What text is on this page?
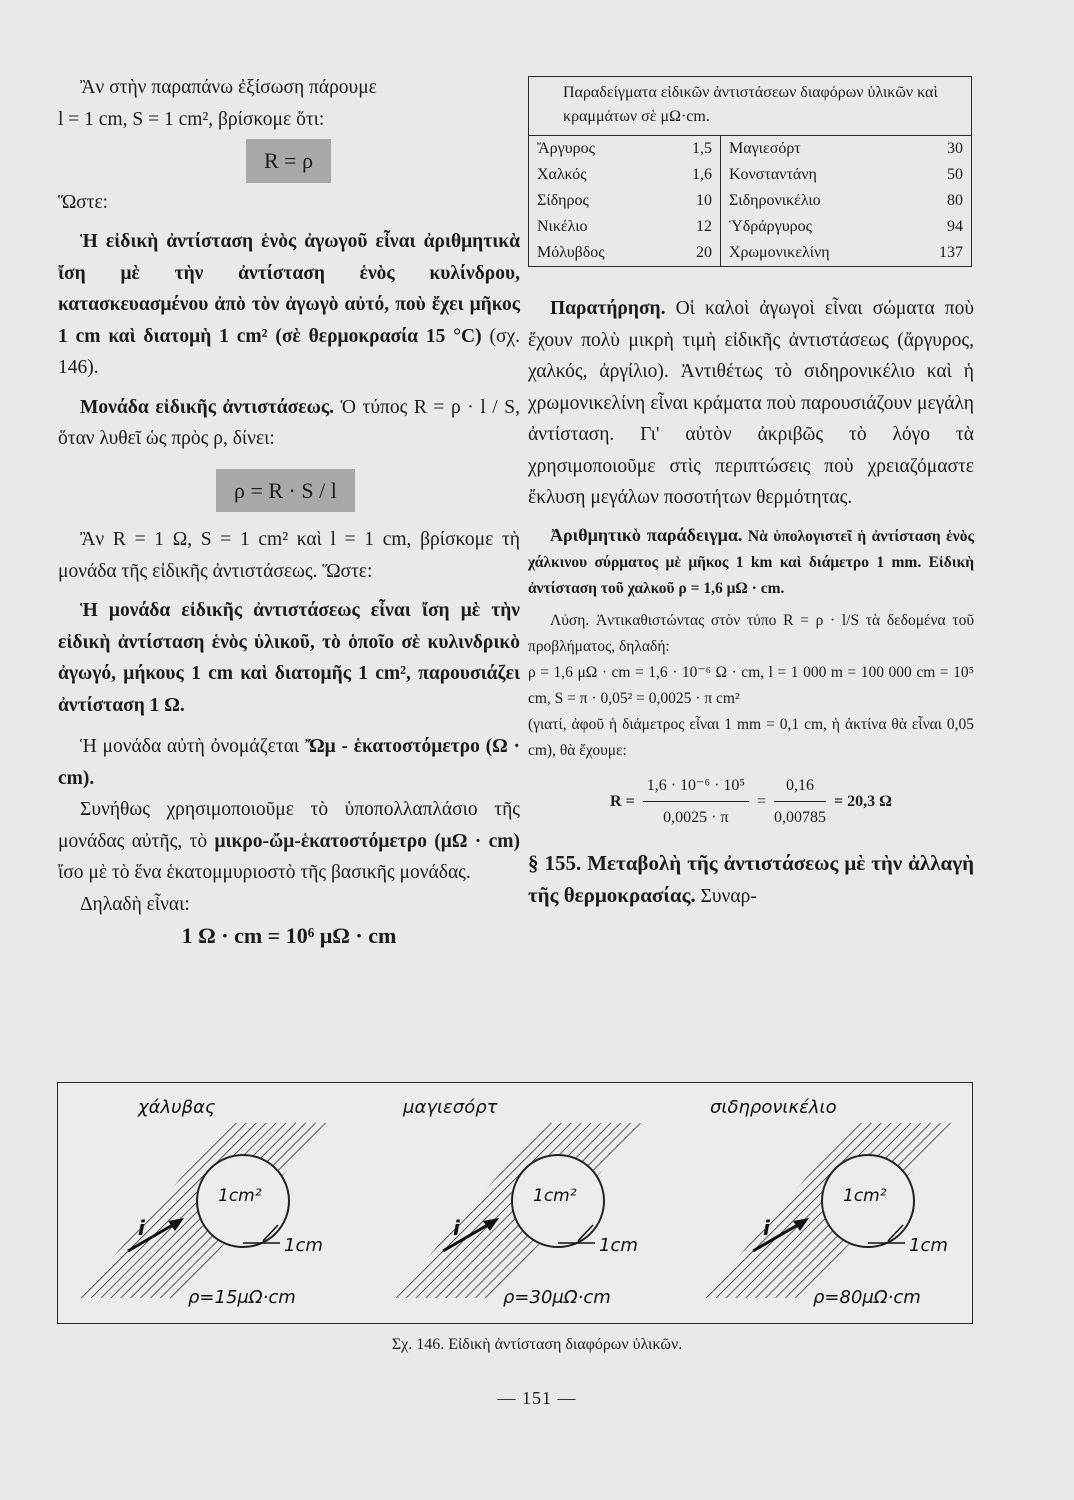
Ἂν στὴν παραπάνω ἐξίσωση πάρουμε

l = 1 cm, S = 1 cm², βρίσκομε ὅτι:

R = ρ

Ὥστε:

Ἡ εἰδικὴ ἀντίσταση ἑνὸς ἀγωγοῦ εἶναι ἀριθμητικὰ ἴση μὲ τὴν ἀντίσταση ἑνὸς κυλίνδρου, κατασκευασμένου ἀπὸ τὸν ἀγωγὸ αὐτό, ποὺ ἔχει μῆκος 1 cm καὶ διατομὴ 1 cm² (σὲ θερμοκρασία 15 °C) (σχ. 146).

Μονάδα εἰδικῆς ἀντιστάσεως. Ὁ τύπος R = ρ · l / S, ὅταν λυθεῖ ὡς πρὸς ρ, δίνει:

ρ = R · S / l

Ἂν R = 1 Ω, S = 1 cm² καὶ l = 1 cm, βρίσκομε τὴ μονάδα τῆς εἰδικῆς ἀντιστάσεως. Ὥστε:

Ἡ μονάδα εἰδικῆς ἀντιστάσεως εἶναι ἴση μὲ τὴν εἰδικὴ ἀντίσταση ἑνὸς ὑλικοῦ, τὸ ὁποῖο σὲ κυλινδρικὸ ἀγωγό, μήκους 1 cm καὶ διατομῆς 1 cm², παρουσιάζει ἀντίσταση 1 Ω.

Ἡ μονάδα αὐτὴ ὀνομάζεται Ὤμ - ἑκατοστόμετρο (Ω · cm).

Συνήθως χρησιμοποιοῦμε τὸ ὑποπολλαπλάσιο τῆς μονάδας αὐτῆς, τὸ μικρο-ὤμ-ἑκατοστόμετρο (μΩ · cm) ἴσο μὲ τὸ ἕνα ἑκατομμυριοστὸ τῆς βασικῆς μονάδας.

Δηλαδὴ εἶναι:

1 Ω · cm = 10⁶ μΩ · cm

Παραδείγματα εἰδικῶν ἀντιστάσεων διαφόρων ὑλικῶν καὶ κραμμάτων σὲ μΩ·cm.
Ἄργυρος	1,5	Μαγιεσόρτ	30
Χαλκός	1,6	Κονσταντάνη	50
Σίδηρος	10	Σιδηρονικέλιο	80
Νικέλιο	12	Ὑδράργυρος	94
Μόλυβδος	20	Χρωμονικελίνη	137

Παρατήρηση. Οἱ καλοὶ ἀγωγοὶ εἶναι σώματα ποὺ ἔχουν πολὺ μικρὴ τιμὴ εἰδικῆς ἀντιστάσεως (ἄργυρος, χαλκός, ἀργίλιο). Ἀντιθέτως τὸ σιδηρονικέλιο καὶ ἡ χρωμονικελίνη εἶναι κράματα ποὺ παρουσιάζουν μεγάλη ἀντίσταση. Γι' αὐτὸν ἀκριβῶς τὸ λόγο τὰ χρησιμοποιοῦμε στὶς περιπτώσεις ποὺ χρειαζόμαστε ἔκλυση μεγάλων ποσοτήτων θερμότητας.

Ἀριθμητικὸ παράδειγμα. Νὰ ὑπολογιστεῖ ἡ ἀντίσταση ἑνὸς χάλκινου σύρματος μὲ μῆκος 1 km καὶ διάμετρο 1 mm. Εἰδικὴ ἀντίσταση τοῦ χαλκοῦ ρ = 1,6 μΩ · cm.

Λύση. Ἀντικαθιστώντας στὸν τύπο R = ρ · l/S τὰ δεδομένα τοῦ προβλήματος, δηλαδή:

ρ = 1,6 μΩ · cm = 1,6 · 10⁻⁶ Ω · cm, l = 1 000 m = 100 000 cm = 10⁵ cm, S = π · 0,05² = 0,0025 · π cm²

(γιατί, ἀφοῦ ἡ διάμετρος εἶναι 1 mm = 0,1 cm, ἡ ἀκτίνα θὰ εἶναι 0,05 cm), θὰ ἔχουμε:

$R = \frac{\text{1,6 · 10⁻⁶ · 10⁵}}{0,0025 \cdot \pi} = \frac{0,16}{0,00785} = 20,3$ Ω

§ 155. Μεταβολὴ τῆς ἀντιστάσεως μὲ τὴν ἀλλαγὴ τῆς θερμοκρασίας. Συναρ-

1cm²
i
1cm
ρ=15μΩ·cm
χάλυβας
1cm²
i
1cm
ρ=30μΩ·cm
μαγιεσόρτ
1cm²
i
1cm
ρ=80μΩ·cm
σιδηρονικέλιο
Σχ. 146. Εἰδικὴ ἀντίσταση διαφόρων ὑλικῶν.
— 151 —
